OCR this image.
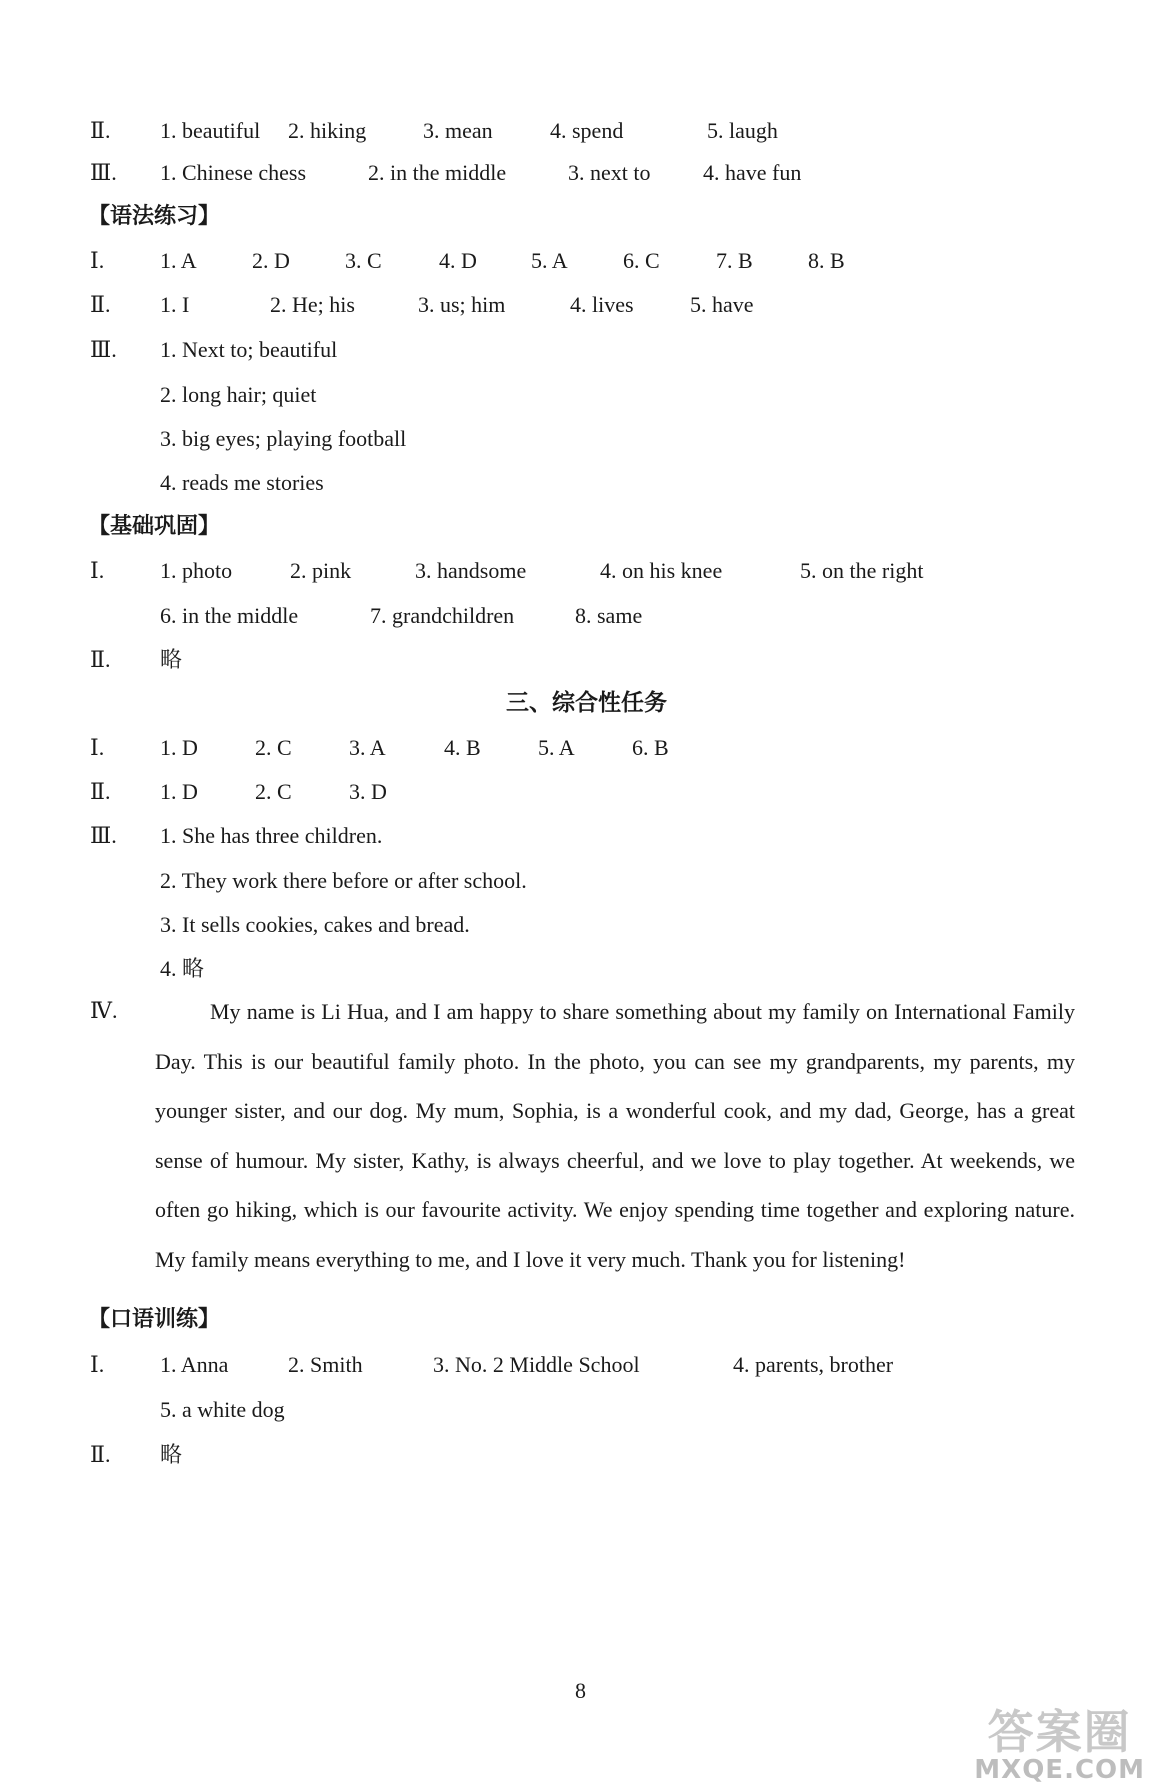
Ⅱ. 1. beautiful 2. hiking	3. mean	4. spend	5. laugh
Ⅲ. 1. Chinese chess	2. in the middle	3. next to 4. have fun
【语法练习】
Ⅰ.	1. A	2. D	3. C	4. D 5. A	6. C	7. B	8. B
Ⅱ. 1. I	2. He; his	3. us; him	4. lives	5. have
Ⅲ. 1. Next to; beautiful
2. long hair; quiet
3. big eyes; playing football
4. reads me stories
【基础巩固】
Ⅰ.	1. photo	2. pink	3. handsome	4. on his knee	5. on the right
6. in the middle	7. grandchildren	8. same
Ⅱ. 略
三、综合性任务
Ⅰ.	1. D	2. C	3. A	4. B	5. A	6. B
Ⅱ. 1. D	2. C	3. D
Ⅲ. 1. She has three children.
2. They work there before or after school.
3. It sells cookies, cakes and bread.
4. 略
Ⅳ.	My name is Li Hua, and I am happy to share something about my family on International Family Day. This is our beautiful family photo. In the photo, you can see my grandparents, my parents, my younger sister, and our dog. My mum, Sophia, is a wonderful cook, and my dad, George, has a great sense of humour. My sister, Kathy, is always cheerful, and we love to play together. At weekends, we often go hiking, which is our favourite activity. We enjoy spending time together and exploring nature. My family means everything to me, and I love it very much. Thank you for listening!
【口语训练】
Ⅰ.	1. Anna	2. Smith	3. No. 2 Middle School	4. parents, brother
5. a white dog
Ⅱ. 略
8
答案圈
MXQE.COM
